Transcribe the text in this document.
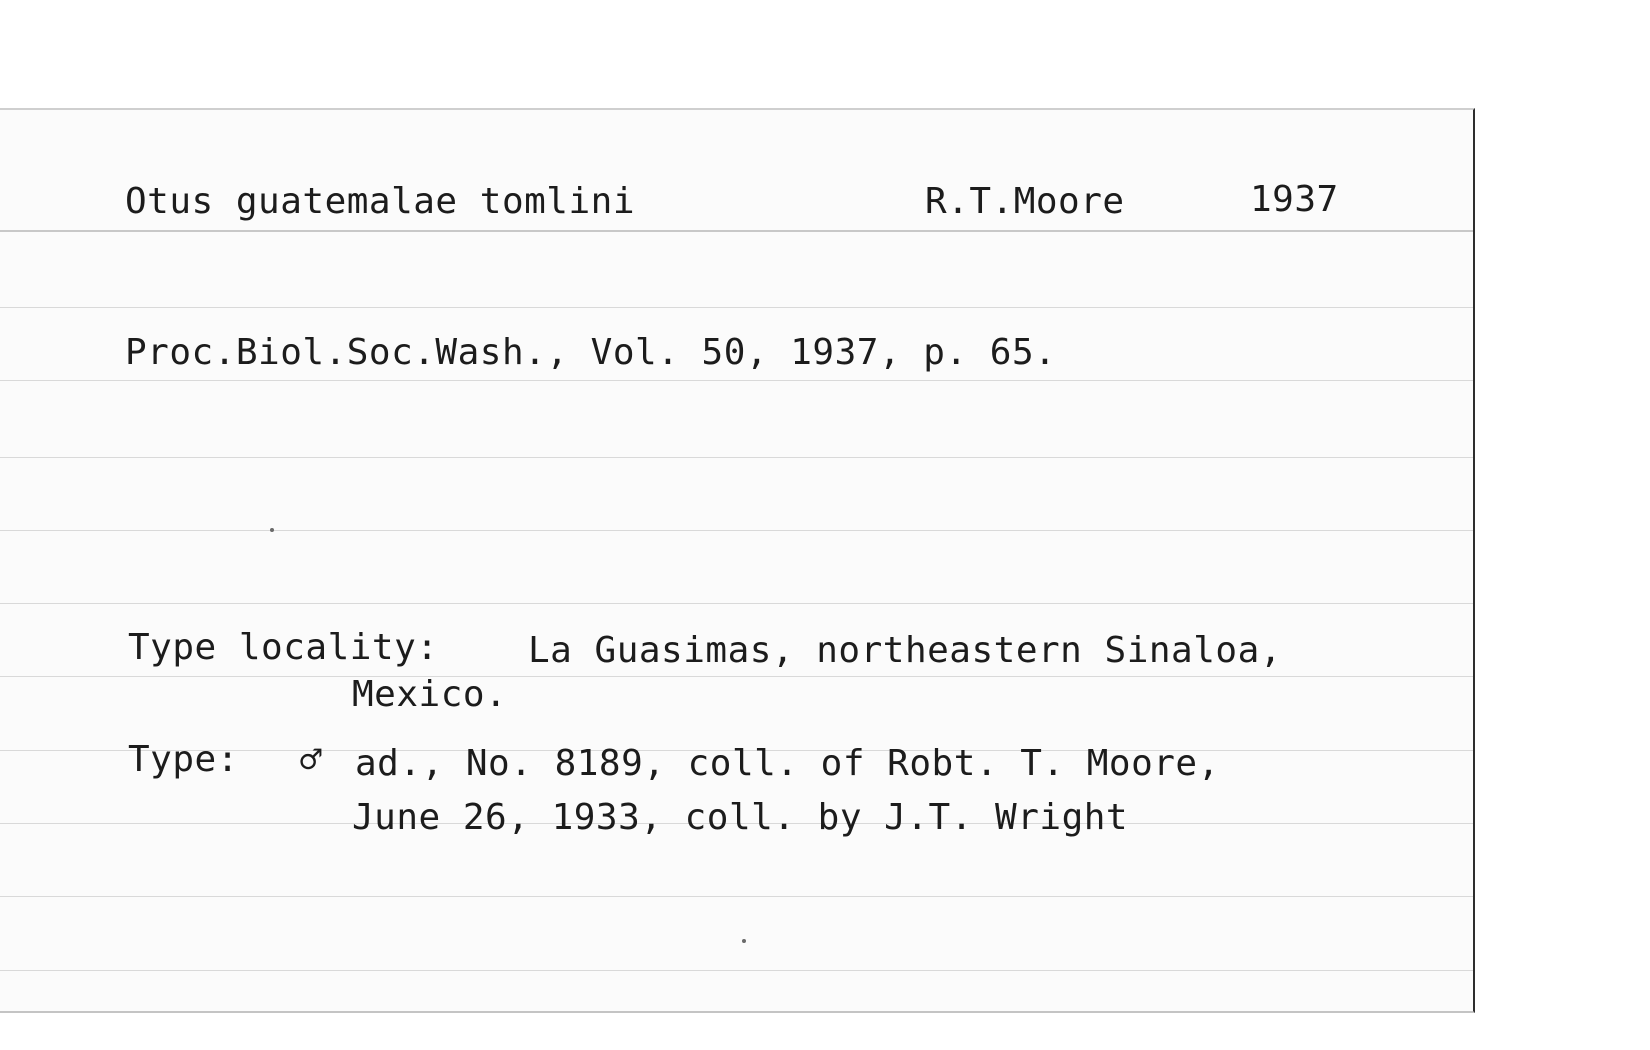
Otus guatemalae tomlini	R.T.Moore	1937
Proc.Biol.Soc.Wash., Vol. 50, 1937, p. 65.
Type locality: La Guasimas, northeastern Sinaloa,
Mexico.
Type: ♂ ad., No. 8189, coll. of Robt. T. Moore,
June 26, 1933, coll. by J.T. Wright
